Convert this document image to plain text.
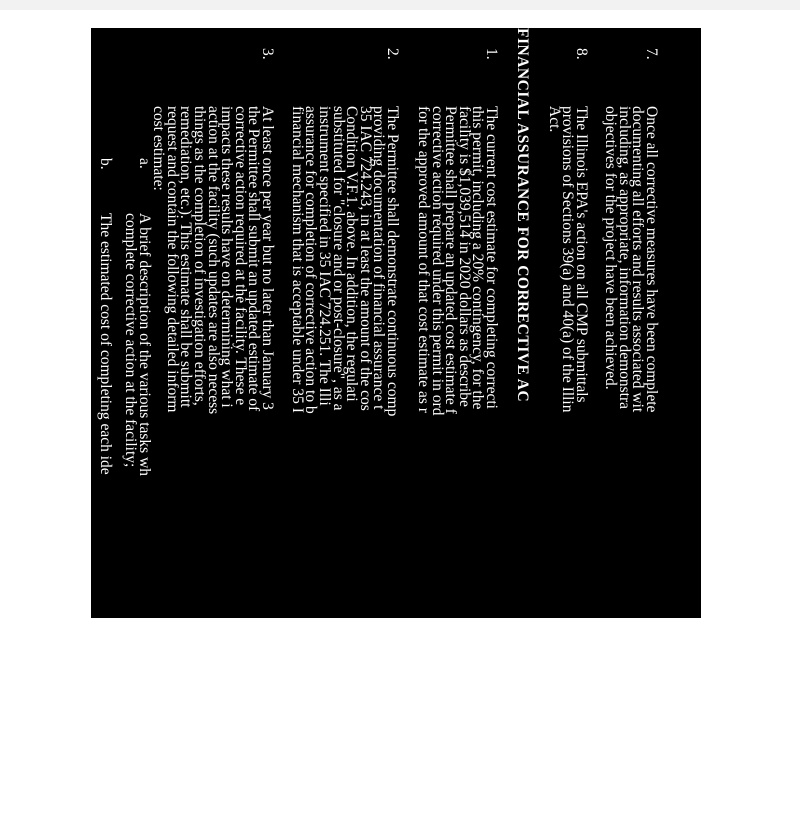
7.
Once all corrective measures have been complete
documenting all efforts and results associated wit
including, as appropriate, information demonstra
objectives for the project have been achieved.
8.
The Illinois EPA's action on all CMP submittals
provisions of Sections 39(a) and 40(a) of the Illin
Act.
FINANCIAL ASSURANCE FOR CORRECTIVE AC
1.
The current cost estimate for completing correcti
this permit, including a 20% contingency, for the
facility is $1,039,514 in 2020 dollars as describe
Permittee shall prepare an updated cost estimate f
corrective action required under this permit in ord
for the approved amount of that cost estimate as r
2.
The Permittee shall demonstrate continuous comp
providing documentation of financial assurance t
35 IAC 724.243, in at least the amount of the cos
Condition V.F.1. above. In addition, the regulati
substituted for "closure and or post-closure", as a
instrument specified in 35 IAC 724.251. The Illi
assurance for completion of corrective action to b
financial mechanism that is acceptable under 35 I
3.
At least once per year but no later than January 3
the Permittee shall submit an updated estimate of
corrective action required at the facility. These e
impacts these results have on determining what i
action at the facility (such updates are also necess
things as the completion of investigation efforts,
remediation, etc.). This estimate shall be submitt
request and contain the following detailed inform
cost estimate:
a.
A brief description of the various tasks wh
complete corrective action at the facility;
b.
The estimated cost of completing each ide
c.
A 20% adjustment for contingencies to th
d.
An identification of the resources needed
amount) and the unit cost of each require
